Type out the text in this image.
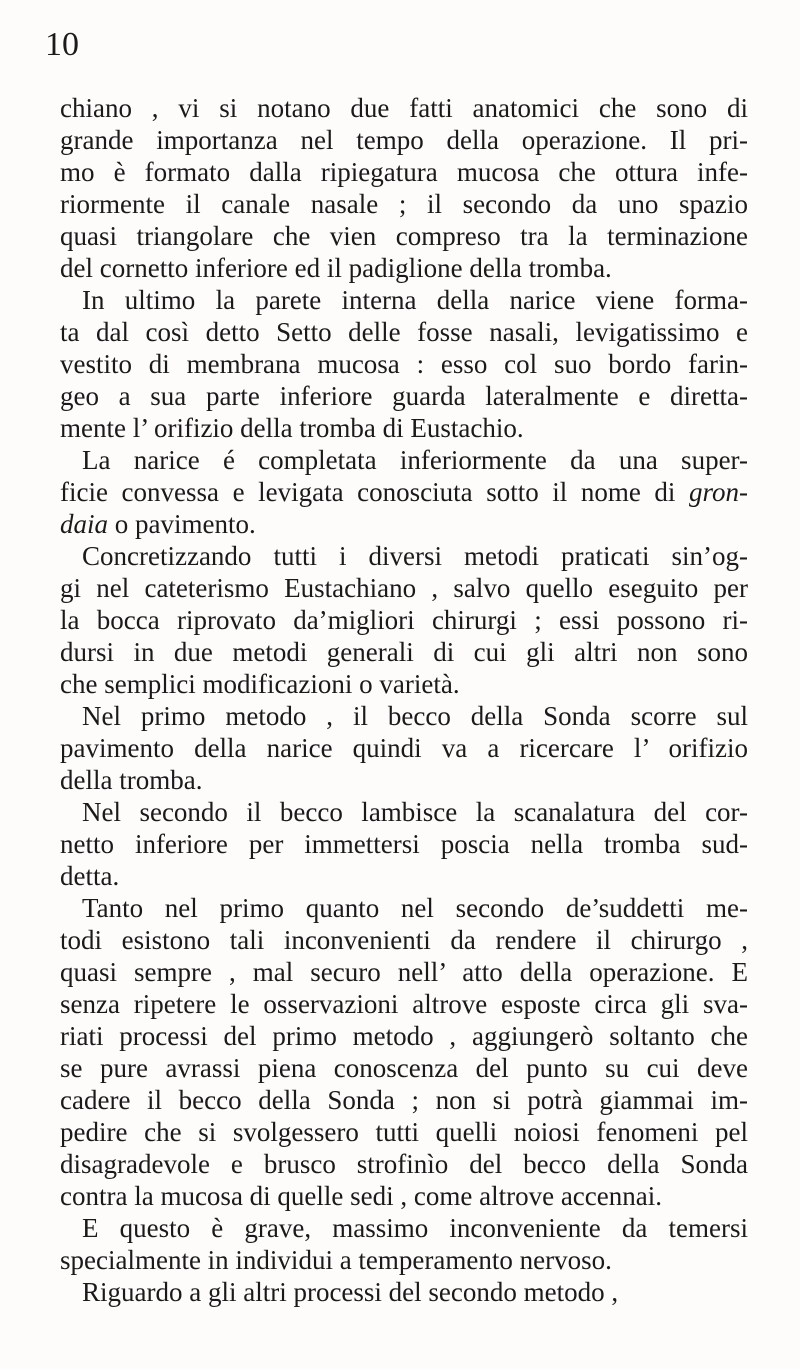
10
chiano , vi si notano due fatti anatomici che sono di
grande importanza nel tempo della operazione. Il pri-
mo è formato dalla ripiegatura mucosa che ottura infe-
riormente il canale nasale ; il secondo da uno spazio
quasi triangolare che vien compreso tra la terminazione
del cornetto inferiore ed il padiglione della tromba.
In ultimo la parete interna della narice viene forma-
ta dal così detto Setto delle fosse nasali, levigatissimo e
vestito di membrana mucosa : esso col suo bordo farin-
geo a sua parte inferiore guarda lateralmente e diretta-
mente l’ orifizio della tromba di Eustachio.
La narice é completata inferiormente da una super-
ficie convessa e levigata conosciuta sotto il nome di gron-
daia o pavimento.
Concretizzando tutti i diversi metodi praticati sin’og-
gi nel cateterismo Eustachiano , salvo quello eseguito per
la bocca riprovato da’migliori chirurgi ; essi possono ri-
dursi in due metodi generali di cui gli altri non sono
che semplici modificazioni o varietà.
Nel primo metodo , il becco della Sonda scorre sul
pavimento della narice quindi va a ricercare l’ orifizio
della tromba.
Nel secondo il becco lambisce la scanalatura del cor-
netto inferiore per immettersi poscia nella tromba sud-
detta.
Tanto nel primo quanto nel secondo de’suddetti me-
todi esistono tali inconvenienti da rendere il chirurgo ,
quasi sempre , mal securo nell’ atto della operazione. E
senza ripetere le osservazioni altrove esposte circa gli sva-
riati processi del primo metodo , aggiungerò soltanto che
se pure avrassi piena conoscenza del punto su cui deve
cadere il becco della Sonda ; non si potrà giammai im-
pedire che si svolgessero tutti quelli noiosi fenomeni pel
disagradevole e brusco strofinìo del becco della Sonda
contra la mucosa di quelle sedi , come altrove accennai.
E questo è grave, massimo inconveniente da temersi
specialmente in individui a temperamento nervoso.
Riguardo a gli altri processi del secondo metodo ,
